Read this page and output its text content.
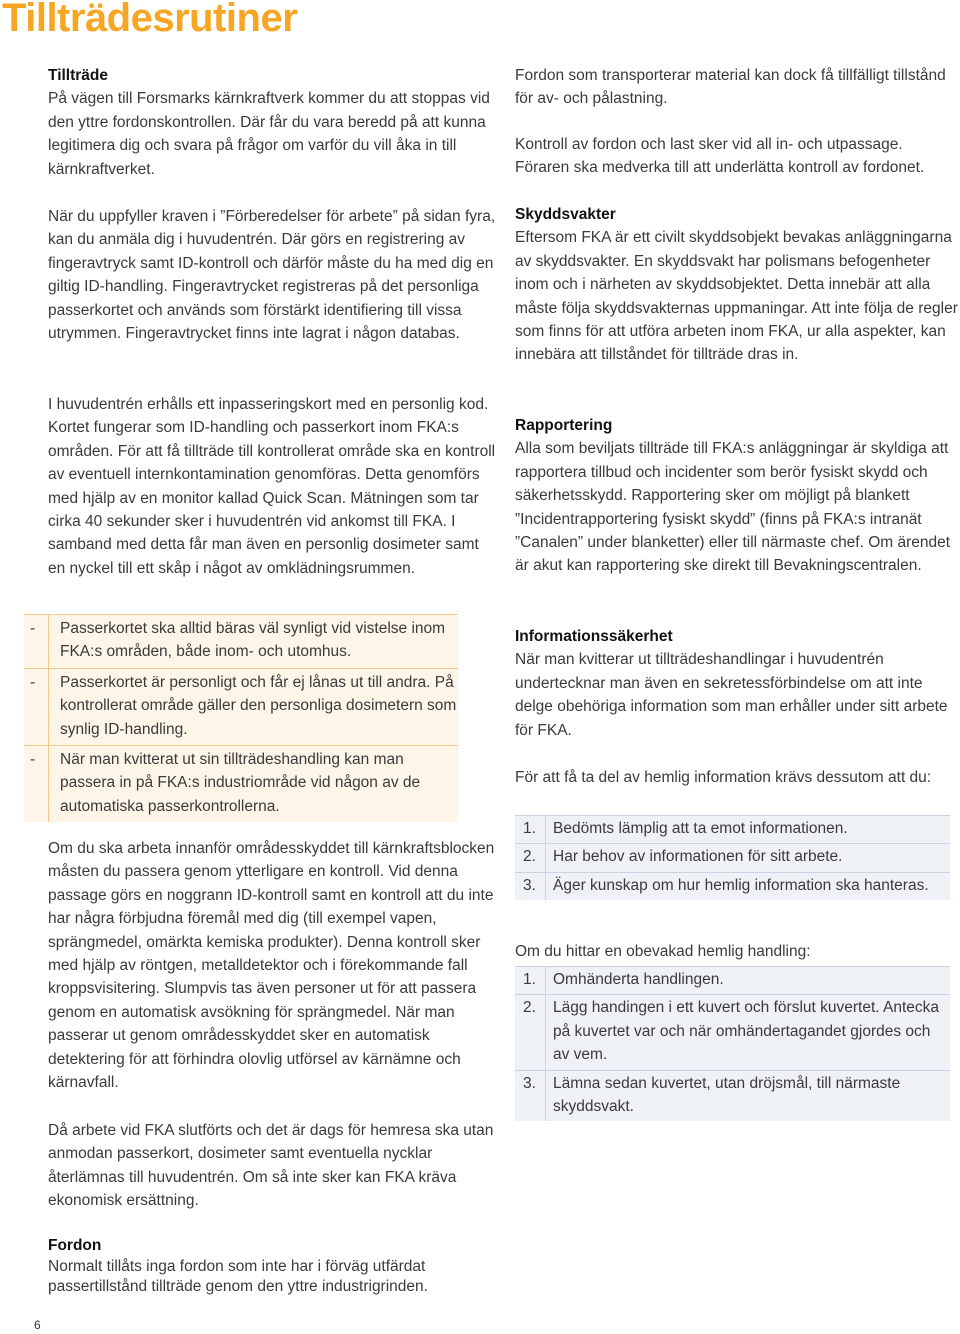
Tillträdesrutiner

Tillträde

På vägen till Forsmarks kärnkraftverk kommer du att stoppas vid den yttre fordonskontrollen. Där får du vara beredd på att kunna legitimera dig och svara på frågor om varför du vill åka in till kärnkraftverket.

När du uppfyller kraven i ”Förberedelser för arbete” på sidan fyra, kan du anmäla dig i huvudentrén. Där görs en registrering av fingeravtryck samt ID-kontroll och därför måste du ha med dig en giltig ID-handling. Fingeravtrycket registreras på det personliga passerkortet och används som förstärkt identifiering till vissa utrymmen. Fingeravtrycket finns inte lagrat i någon databas.

I huvudentrén erhålls ett inpasseringskort med en personlig kod. Kortet fungerar som ID-handling och passerkort inom FKA:s områden. För att få tillträde till kontrollerat område ska en kontroll av eventuell internkontamination genomföras. Detta genomförs med hjälp av en monitor kallad Quick Scan. Mätningen som tar cirka 40 sekunder sker i huvudentrén vid ankomst till FKA. I samband med detta får man även en personlig dosimeter samt en nyckel till ett skåp i något av omklädningsrummen.

Om du ska arbeta innanför områdesskyddet till kärnkraftsblocken måsten du passera genom ytterligare en kontroll. Vid denna passage görs en noggrann ID-kontroll samt en kontroll att du inte har några förbjudna föremål med dig (till exempel vapen, sprängmedel, omärkta kemiska produkter). Denna kontroll sker med hjälp av röntgen, metalldetektor och i förekommande fall kroppsvisitering. Slumpvis tas även personer ut för att passera genom en automatisk avsökning för sprängmedel. När man passerar ut genom områdesskyddet sker en automatisk detektering för att förhindra olovlig utförsel av kärnämne och kärnavfall.

Då arbete vid FKA slutförts och det är dags för hemresa ska utan anmodan passerkort, dosimeter samt eventuella nycklar återlämnas till huvudentrén. Om så inte sker kan FKA kräva ekonomisk ersättning.

Fordon

Normalt tillåts inga fordon som inte har i förväg utfärdat passertillstånd tillträde genom den yttre industrigrinden.

- Passerkortet ska alltid bäras väl synligt vid vistelse inom FKA:s områden, både inom- och utomhus.

- Passerkortet är personligt och får ej lånas ut till andra. På kontrollerat område gäller den personliga dosimetern som synlig ID-handling.

- När man kvitterat ut sin tillträdeshandling kan man passera in på FKA:s industriområde vid någon av de automatiska passerkontrollerna.

Fordon som transporterar material kan dock få tillfälligt tillstånd för av- och pålastning.

Kontroll av fordon och last sker vid all in- och utpassage. Föraren ska medverka till att underlätta kontroll av fordonet.

Skyddsvakter

Eftersom FKA är ett civilt skyddsobjekt bevakas anläggningarna av skyddsvakter. En skyddsvakt har polismans befogenheter inom och i närheten av skyddsobjektet. Detta innebär att alla måste följa skyddsvakternas uppmaningar. Att inte följa de regler som finns för att utföra arbeten inom FKA, ur alla aspekter, kan innebära att tillståndet för tillträde dras in.

Rapportering

Alla som beviljats tillträde till FKA:s anläggningar är skyldiga att rapportera tillbud och incidenter som berör fysiskt skydd och säkerhetsskydd. Rapportering sker om möjligt på blankett ”Incidentrapportering fysiskt skydd” (finns på FKA:s intranät ”Canalen” under blanketter) eller till närmaste chef. Om ärendet är akut kan rapportering ske direkt till Bevakningscentralen.

Informationssäkerhet

När man kvitterar ut tillträdeshandlingar i huvudentrén undertecknar man även en sekretessförbindelse om att inte delge obehöriga information som man erhåller under sitt arbete för FKA.

För att få ta del av hemlig information krävs dessutom att du:

1. Bedömts lämplig att ta emot informationen.

2. Har behov av informationen för sitt arbete.

3. Äger kunskap om hur hemlig information ska hanteras.

Om du hittar en obevakad hemlig handling:

1. Omhänderta handlingen.

2. Lägg handingen i ett kuvert och förslut kuvertet. Antecka på kuvertet var och när omhändertagandet gjordes och av vem.

3. Lämna sedan kuvertet, utan dröjsmål, till närmaste skyddsvakt.

6
